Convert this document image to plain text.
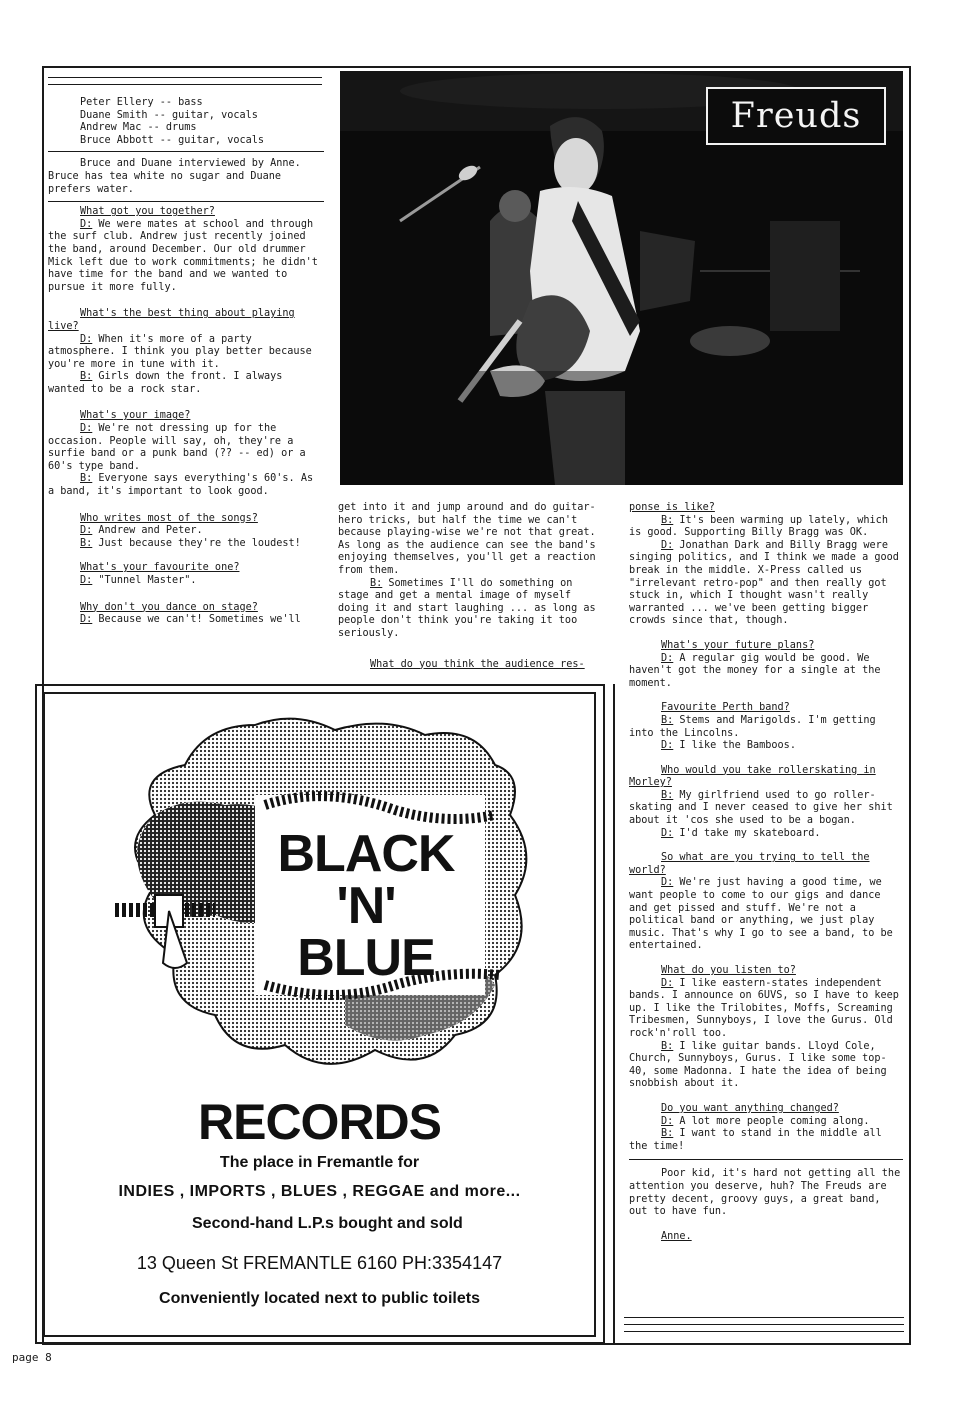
Peter Ellery -- bass

Duane Smith -- guitar, vocals

Andrew Mac -- drums

Bruce Abbott -- guitar, vocals

Bruce and Duane interviewed by Anne. Bruce has tea white no sugar and Duane prefers water.

What got you together?

D: We were mates at school and through the surf club. Andrew just recently joined the band, around December. Our old drummer Mick left due to work commitments; he didn't have time for the band and we wanted to pursue it more fully.

What's the best thing about playing live?

D: When it's more of a party atmosphere. I think you play better because you're more in tune with it.

B: Girls down the front. I always wanted to be a rock star.

What's your image?

D: We're not dressing up for the occasion. People will say, oh, they're a surfie band or a punk band (?? -- ed) or a 60's type band.

B: Everyone says everything's 60's. As a band, it's important to look good.

Who writes most of the songs?

D: Andrew and Peter.

B: Just because they're the loudest!

What's your favourite one?

D: "Tunnel Master".

Why don't you dance on stage?

D: Because we can't! Sometimes we'll

Freuds

get into it and jump around and do guitar-hero tricks, but half the time we can't because playing-wise we're not that great. As long as the audience can see the band's enjoying themselves, you'll get a reaction from them.

B: Sometimes I'll do something on stage and get a mental image of myself doing it and start laughing ... as long as people don't think you're taking it too seriously.

What do you think the audience res-

ponse is like?

B: It's been warming up lately, which is good. Supporting Billy Bragg was OK.

D: Jonathan Dark and Billy Bragg were singing politics, and I think we made a good break in the middle. X-Press called us "irrelevant retro-pop" and then really got stuck in, which I thought wasn't really warranted ... we've been getting bigger crowds since that, though.

What's your future plans?

D: A regular gig would be good. We haven't got the money for a single at the moment.

Favourite Perth band?

B: Stems and Marigolds. I'm getting into the Lincolns.

D: I like the Bamboos.

Who would you take rollerskating in Morley?

B: My girlfriend used to go roller-skating and I never ceased to give her shit about it 'cos she used to be a bogan.

D: I'd take my skateboard.

So what are you trying to tell the world?

D: We're just having a good time, we want people to come to our gigs and dance and get pissed and stuff. We're not a political band or anything, we just play music. That's why I go to see a band, to be entertained.

What do you listen to?

D: I like eastern-states independent bands. I announce on 6UVS, so I have to keep up. I like the Trilobites, Moffs, Screaming Tribesmen, Sunnyboys, I love the Gurus. Old rock'n'roll too.

B: I like guitar bands. Lloyd Cole, Church, Sunnyboys, Gurus. I like some top-40, some Madonna. I hate the idea of being snobbish about it.

Do you want anything changed?

D: A lot more people coming along.

B: I want to stand in the middle all the time!

Poor kid, it's hard not getting all the attention you deserve, huh? The Freuds are pretty decent, groovy guys, a great band, out to have fun.

Anne.

BLACK
'N'
BLUE
RECORDS
The place in Fremantle for
INDIES , IMPORTS , BLUES , REGGAE and more...
Second-hand L.P.s bought and sold
13 Queen St FREMANTLE 6160 PH:3354147
Conveniently located next to public toilets
page 8
